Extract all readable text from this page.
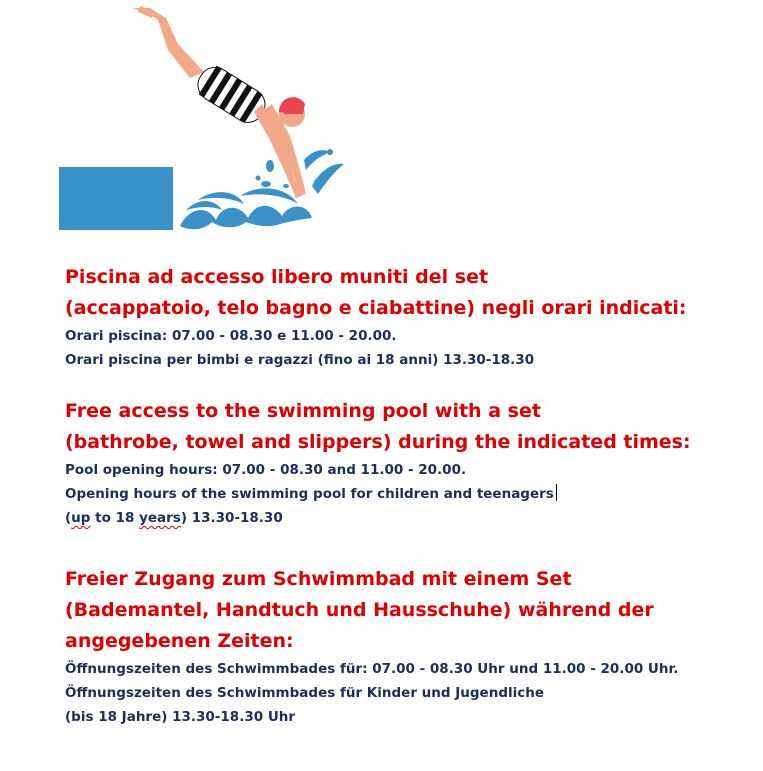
Piscina ad accesso libero muniti del set

(accappatoio, telo bagno e ciabattine) negli orari indicati:

Orari piscina: 07.00 - 08.30 e 11.00 - 20.00.

Orari piscina per bimbi e ragazzi (fino ai 18 anni) 13.30-18.30

Free access to the swimming pool with a set

(bathrobe, towel and slippers) during the indicated times:

Pool opening hours: 07.00 - 08.30 and 11.00 - 20.00.

Opening hours of the swimming pool for children and teenagers

(up to 18 years) 13.30-18.30

Freier Zugang zum Schwimmbad mit einem Set

(Bademantel, Handtuch und Hausschuhe) während der

angegebenen Zeiten:

Öffnungszeiten des Schwimmbades für: 07.00 - 08.30 Uhr und 11.00 - 20.00 Uhr.

Öffnungszeiten des Schwimmbades für Kinder und Jugendliche

(bis 18 Jahre) 13.30-18.30 Uhr
